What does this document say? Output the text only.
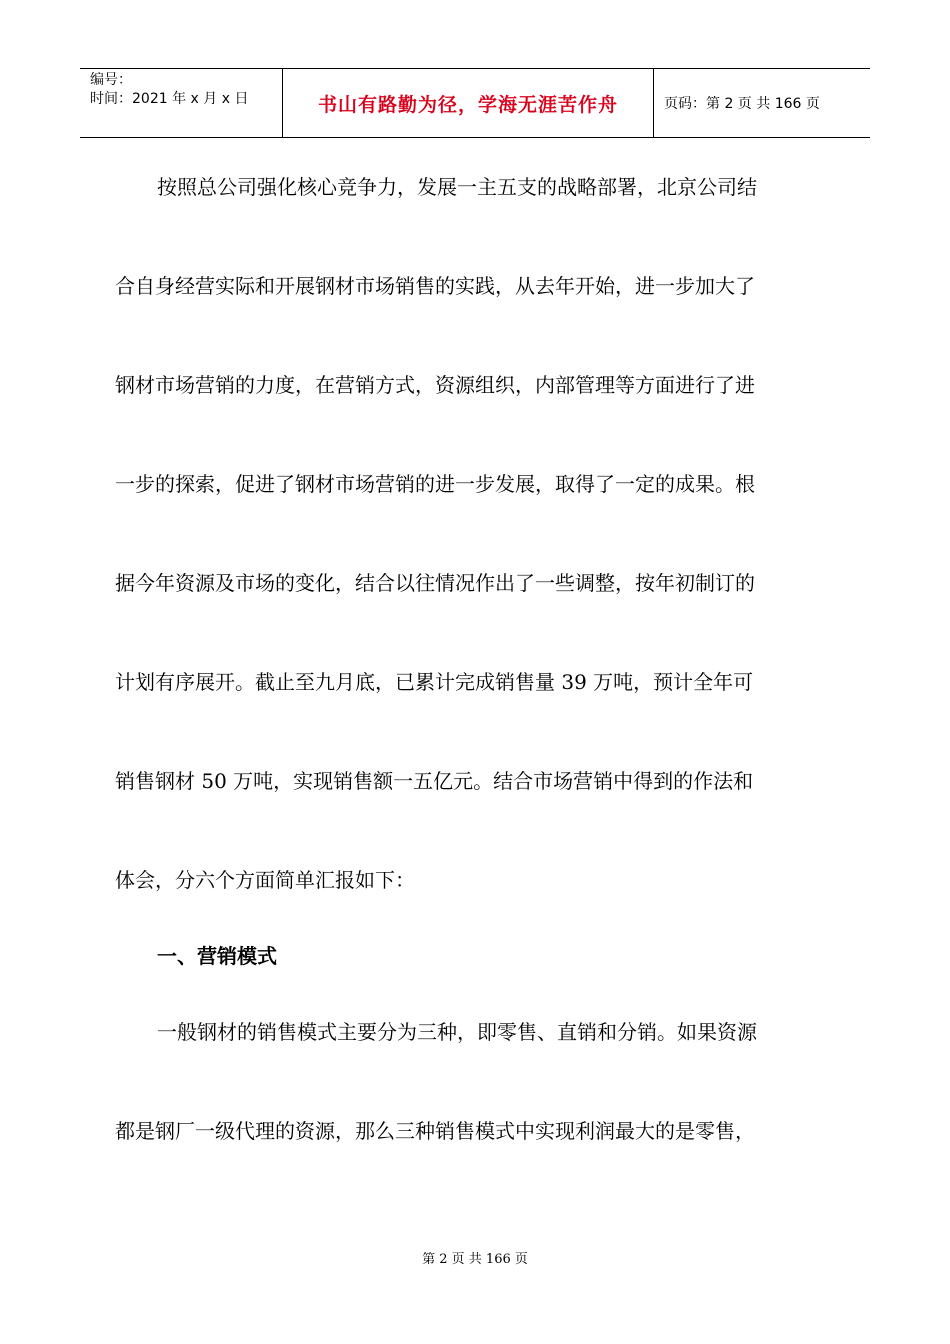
编号：
时间：2021 年 x 月 x 日	书山有路勤为径，学海无涯苦作舟	页码：第 2 页 共 166 页
按照总公司强化核心竞争力，发展一主五支的战略部署，北京公司结
合自身经营实际和开展钢材市场销售的实践，从去年开始，进一步加大了
钢材市场营销的力度，在营销方式，资源组织，内部管理等方面进行了进
一步的探索，促进了钢材市场营销的进一步发展，取得了一定的成果。根
据今年资源及市场的变化，结合以往情况作出了一些调整，按年初制订的
计划有序展开。截止至九月底，已累计完成销售量 39 万吨，预计全年可
销售钢材 50 万吨，实现销售额一五亿元。结合市场营销中得到的作法和
体会，分六个方面简单汇报如下：
一、营销模式
一般钢材的销售模式主要分为三种，即零售、直销和分销。如果资源
都是钢厂一级代理的资源，那么三种销售模式中实现利润最大的是零售，
第 2 页 共 166 页
